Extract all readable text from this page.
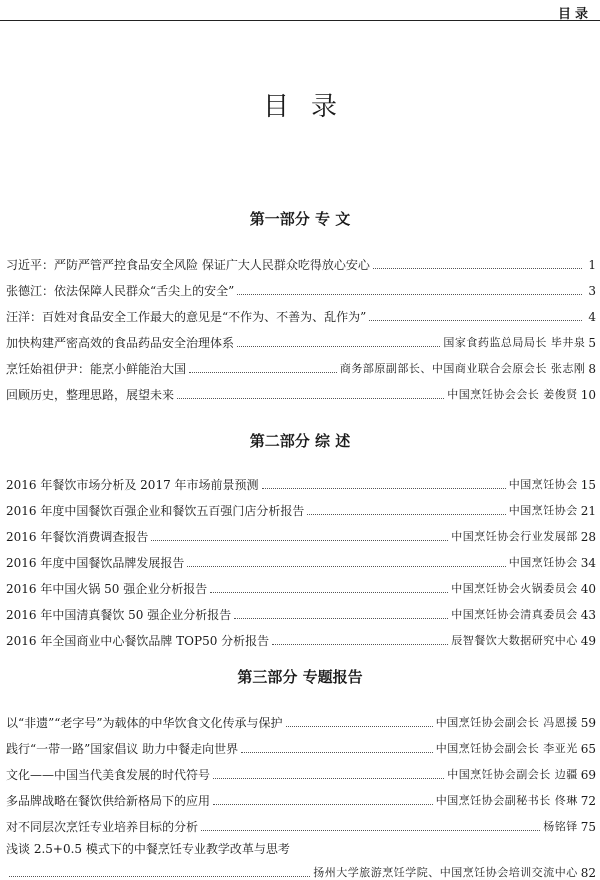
目录
目录
第一部分 专 文
习近平：严防严管严控食品安全风险 保证广大人民群众吃得放心安心	1
张德江：依法保障人民群众“舌尖上的安全”	3
汪洋：百姓对食品安全工作最大的意见是“不作为、不善为、乱作为”	4
加快构建严密高效的食品药品安全治理体系	国家食药监总局局长 毕井泉 5
烹饪始祖伊尹：能烹小鲜能治大国	商务部原副部长、中国商业联合会原会长 张志刚 8
回顾历史，整理思路，展望未来	中国烹饪协会会长 姜俊贤 10
第二部分 综 述
2016 年餐饮市场分析及 2017 年市场前景预测	中国烹饪协会 15
2016 年度中国餐饮百强企业和餐饮五百强门店分析报告	中国烹饪协会 21
2016 年餐饮消费调查报告	中国烹饪协会行业发展部 28
2016 年度中国餐饮品牌发展报告	中国烹饪协会 34
2016 年中国火锅 50 强企业分析报告	中国烹饪协会火锅委员会 40
2016 年中国清真餐饮 50 强企业分析报告	中国烹饪协会清真委员会 43
2016 年全国商业中心餐饮品牌 TOP50 分析报告	辰智餐饮大数据研究中心 49
第三部分 专题报告
以“非遗”“老字号”为载体的中华饮食文化传承与保护	中国烹饪协会副会长 冯恩援 59
践行“一带一路”国家倡议 助力中餐走向世界	中国烹饪协会副会长 李亚光 65
文化——中国当代美食发展的时代符号	中国烹饪协会副会长 边疆 69
多品牌战略在餐饮供给新格局下的应用	中国烹饪协会副秘书长 佟琳 72
对不同层次烹饪专业培养目标的分析	杨铭铎 75
浅谈 2.5+0.5 模式下的中餐烹饪专业教学改革与思考
扬州大学旅游烹饪学院、中国烹饪协会培训交流中心 82
